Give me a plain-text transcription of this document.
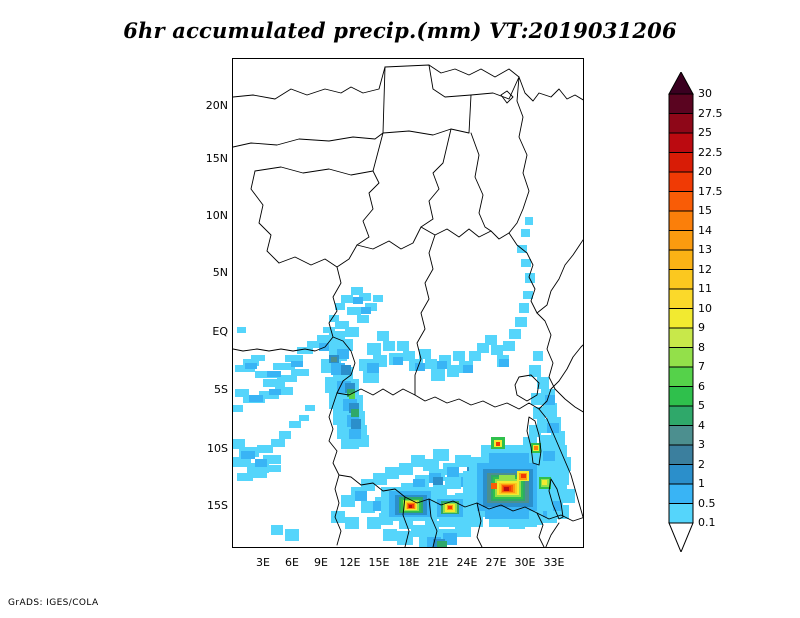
6hr accumulated precip.(mm) VT:2019031206
20N
15N
10N
5N
EQ
5S
10S
15S
3E	6E	9E	12E 15E 18E 21E 24E 27E 30E 33E
30
27.5
25
22.5
20
17.5
15
14
13
12
11
10
9
8
7
6
5
4
3
2
1
0.5
0.1
GrADS: IGES/COLA
